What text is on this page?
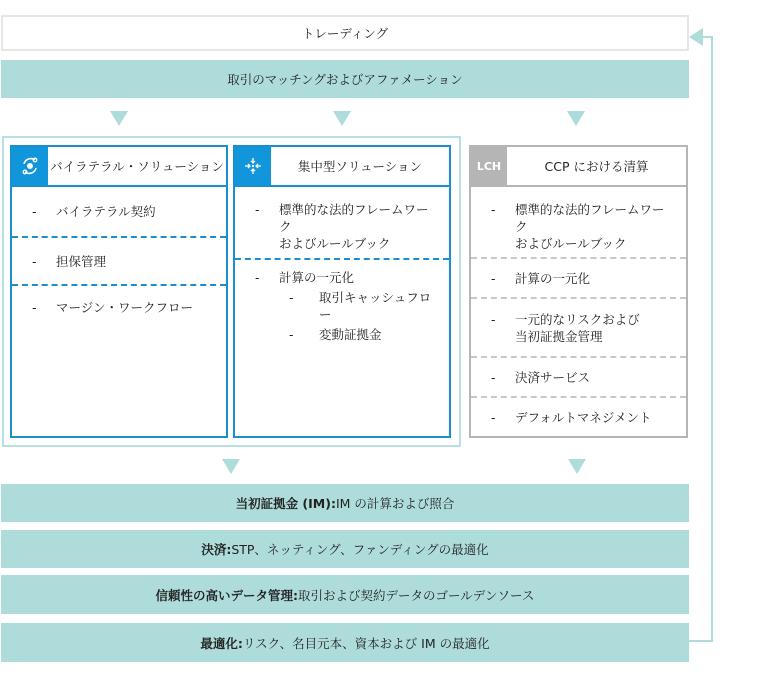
トレーディング
取引のマッチングおよびアファメーション
バイラテラル・ソリューション
-	バイラテラル契約
-	担保管理
-	マージン・ワークフロー
集中型ソリューション
-	標準的な法的フレームワーク
およびルールブック
-	計算の一元化
-	取引キャッシュフロー
-	変動証拠金
LCH	CCP における清算
-	標準的な法的フレームワーク
およびルールブック
-	計算の一元化
-	一元的なリスクおよび
当初証拠金管理
-	決済サービス
-	デフォルトマネジメント
当初証拠金 (IM): IM の計算および照合
決済: STP、ネッティング、ファンディングの最適化
信頼性の高いデータ管理: 取引および契約データのゴールデンソース
最適化: リスク、名目元本、資本および IM の最適化
